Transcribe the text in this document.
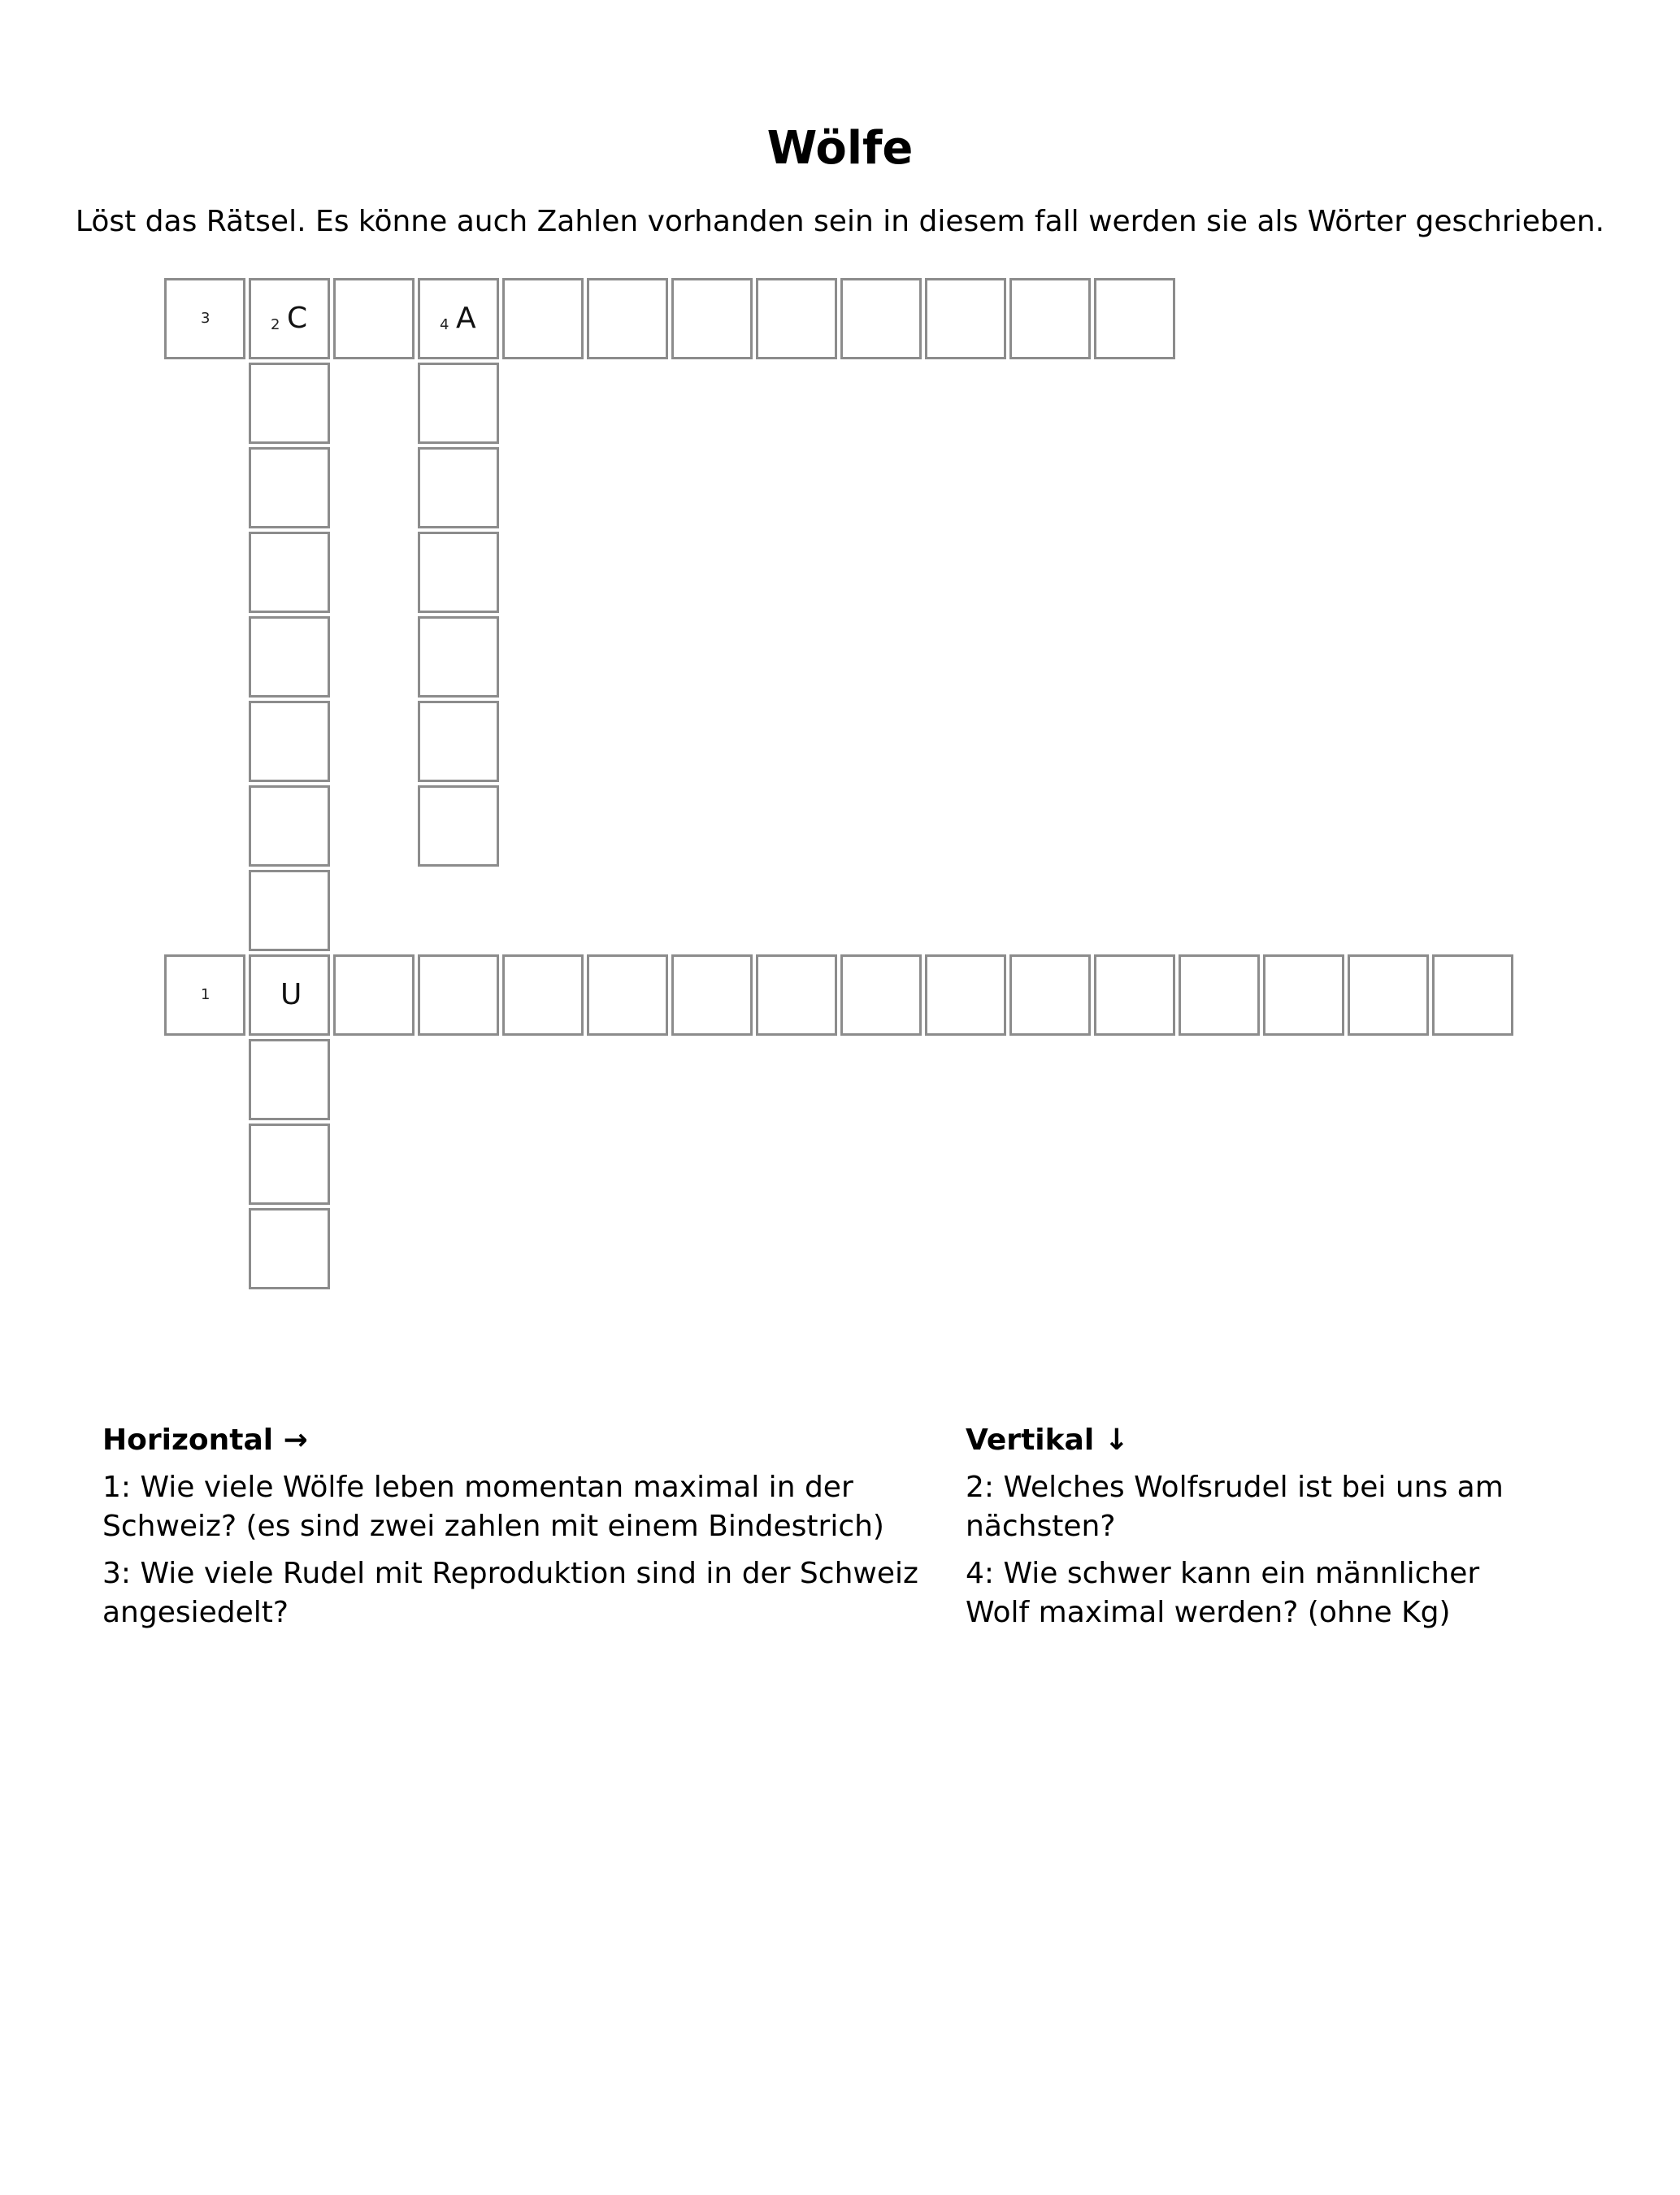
Wölfe
Löst das Rätsel. Es könne auch Zahlen vorhanden sein in diesem fall werden sie als Wörter geschrieben.
3	2 C	4 A
1 U
Horizontal →

1: Wie viele Wölfe leben momentan maximal in der Schweiz? (es sind zwei zahlen mit einem Bindestrich)

3: Wie viele Rudel mit Reproduktion sind in der Schweiz angesiedelt?

Vertikal ↓

2: Welches Wolfsrudel ist bei uns am nächsten?

4: Wie schwer kann ein männlicher Wolf maximal werden? (ohne Kg)
